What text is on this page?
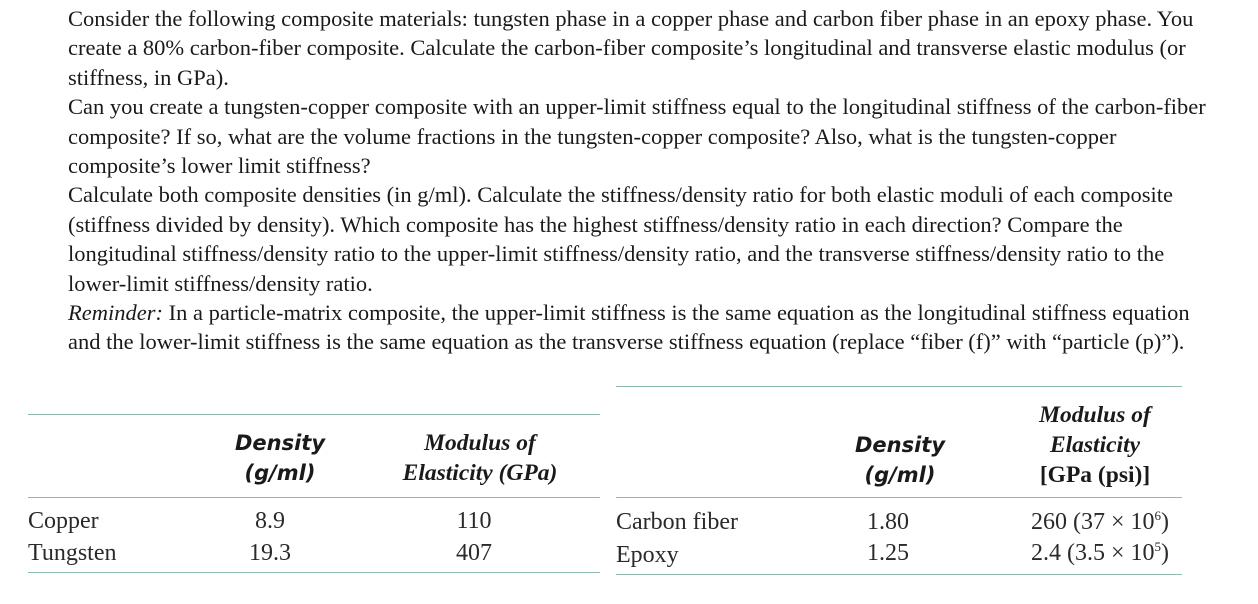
Consider the following composite materials: tungsten phase in a copper phase and carbon fiber phase in an epoxy phase. You create a 80% carbon-fiber composite. Calculate the carbon-fiber composite’s longitudinal and transverse elastic modulus (or stiffness, in GPa).

Can you create a tungsten-copper composite with an upper-limit stiffness equal to the longitudinal stiffness of the carbon-fiber composite? If so, what are the volume fractions in the tungsten-copper composite? Also, what is the tungsten-copper composite’s lower limit stiffness?

Calculate both composite densities (in g/ml). Calculate the stiffness/density ratio for both elastic moduli of each composite (stiffness divided by density). Which composite has the highest stiffness/density ratio in each direction? Compare the longitudinal stiffness/density ratio to the upper-limit stiffness/density ratio, and the transverse stiffness/density ratio to the lower-limit stiffness/density ratio.

Reminder: In a particle-matrix composite, the upper-limit stiffness is the same equation as the longitudinal stiffness equation and the lower-limit stiffness is the same equation as the transverse stiffness equation (replace “fiber (f)” with “particle (p)”).

Density
(g/ml)
Modulus of
Elasticity (GPa)
Copper	8.9	110
Tungsten	19.3	407
Density
(g/ml)
Modulus of
Elasticity
[GPa (psi)]
Carbon fiber	1.80	260 $(37 \times 10^6)$
Epoxy	1.25	2.4 $(3.5 \times 10^5)$
